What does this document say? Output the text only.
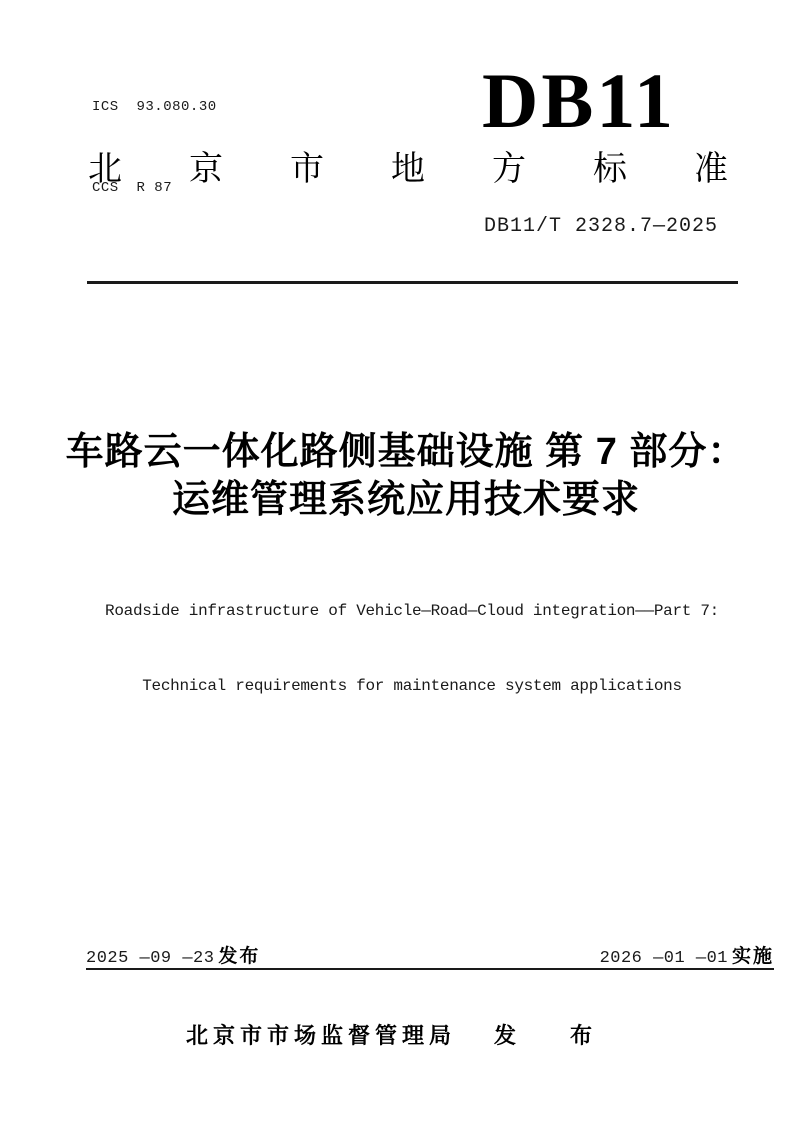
ICS  93.080.30

CCS  R 87

DB11
北 京 市 地 方 标 准
DB11/T 2328.7—2025
车路云一体化路侧基础设施 第 7 部分：
运维管理系统应用技术要求

Roadside infrastructure of Vehicle—Road—Cloud integration——Part 7:

Technical requirements for maintenance system applications

2025 —09 —23 发布	2026 —01 —01 实施
北京市市场监督管理局 发　布
